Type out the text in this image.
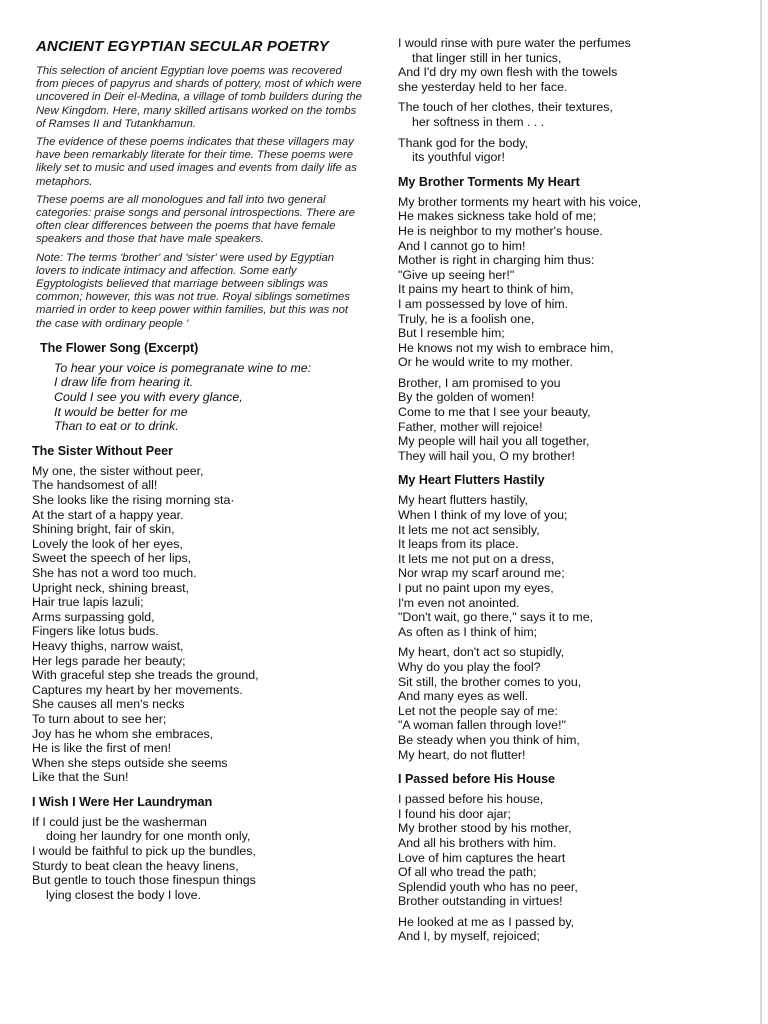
ANCIENT EGYPTIAN SECULAR POETRY

This selection of ancient Egyptian love poems was recovered from pieces of papyrus and shards of pottery, most of which were uncovered in Deir el-Medina, a village of tomb builders during the New Kingdom. Here, many skilled artisans worked on the tombs of Ramses II and Tutankhamun.

The evidence of these poems indicates that these villagers may have been remarkably literate for their time. These poems were likely set to music and used images and events from daily life as metaphors.

These poems are all monologues and fall into two general categories: praise songs and personal introspections. There are often clear differences between the poems that have female speakers and those that have male speakers.

Note: The terms 'brother' and 'sister' were used by Egyptian lovers to indicate intimacy and affection. Some early Egyptologists believed that marriage between siblings was common; however, this was not true. Royal siblings sometimes married in order to keep power within families, but this was not the case with ordinary people '

The Flower Song (Excerpt)
To hear your voice is pomegranate wine to me:
I draw life from hearing it.
Could I see you with every glance,
It would be better for me
Than to eat or to drink.
The Sister Without Peer
My one, the sister without peer,
The handsomest of all!
She looks like the rising morning sta·
At the start of a happy year.
Shining bright, fair of skin,
Lovely the look of her eyes,
Sweet the speech of her lips,
She has not a word too much.
Upright neck, shining breast,
Hair true lapis lazuli;
Arms surpassing gold,
Fingers like lotus buds.
Heavy thighs, narrow waist,
Her legs parade her beauty;
With graceful step she treads the ground,
Captures my heart by her movements.
She causes all men's necks
To turn about to see her;
Joy has he whom she embraces,
He is like the first of men!
When she steps outside she seems
Like that the Sun!
I Wish I Were Her Laundryman
If I could just be the washerman
doing her laundry for one month only,
I would be faithful to pick up the bundles,
Sturdy to beat clean the heavy linens,
But gentle to touch those finespun things
lying closest the body I love.
I would rinse with pure water the perfumes
that linger still in her tunics,
And I'd dry my own flesh with the towels
she yesterday held to her face.
The touch of her clothes, their textures,
her softness in them . . .
Thank god for the body,
its youthful vigor!
My Brother Torments My Heart
My brother torments my heart with his voice,
He makes sickness take hold of me;
He is neighbor to my mother's house.
And I cannot go to him!
Mother is right in charging him thus:
"Give up seeing her!"
It pains my heart to think of him,
I am possessed by love of him.
Truly, he is a foolish one,
But I resemble him;
He knows not my wish to embrace him,
Or he would write to my mother.
Brother, I am promised to you
By the golden of women!
Come to me that I see your beauty,
Father, mother will rejoice!
My people will hail you all together,
They will hail you, O my brother!
My Heart Flutters Hastily
My heart flutters hastily,
When I think of my love of you;
It lets me not act sensibly,
It leaps from its place.
It lets me not put on a dress,
Nor wrap my scarf around me;
I put no paint upon my eyes,
I'm even not anointed.
"Don't wait, go there," says it to me,
As often as I think of him;
My heart, don't act so stupidly,
Why do you play the fool?
Sit still, the brother comes to you,
And many eyes as well.
Let not the people say of me:
"A woman fallen through love!"
Be steady when you think of him,
My heart, do not flutter!
I Passed before His House
I passed before his house,
I found his door ajar;
My brother stood by his mother,
And all his brothers with him.
Love of him captures the heart
Of all who tread the path;
Splendid youth who has no peer,
Brother outstanding in virtues!
He looked at me as I passed by,
And I, by myself, rejoiced;
